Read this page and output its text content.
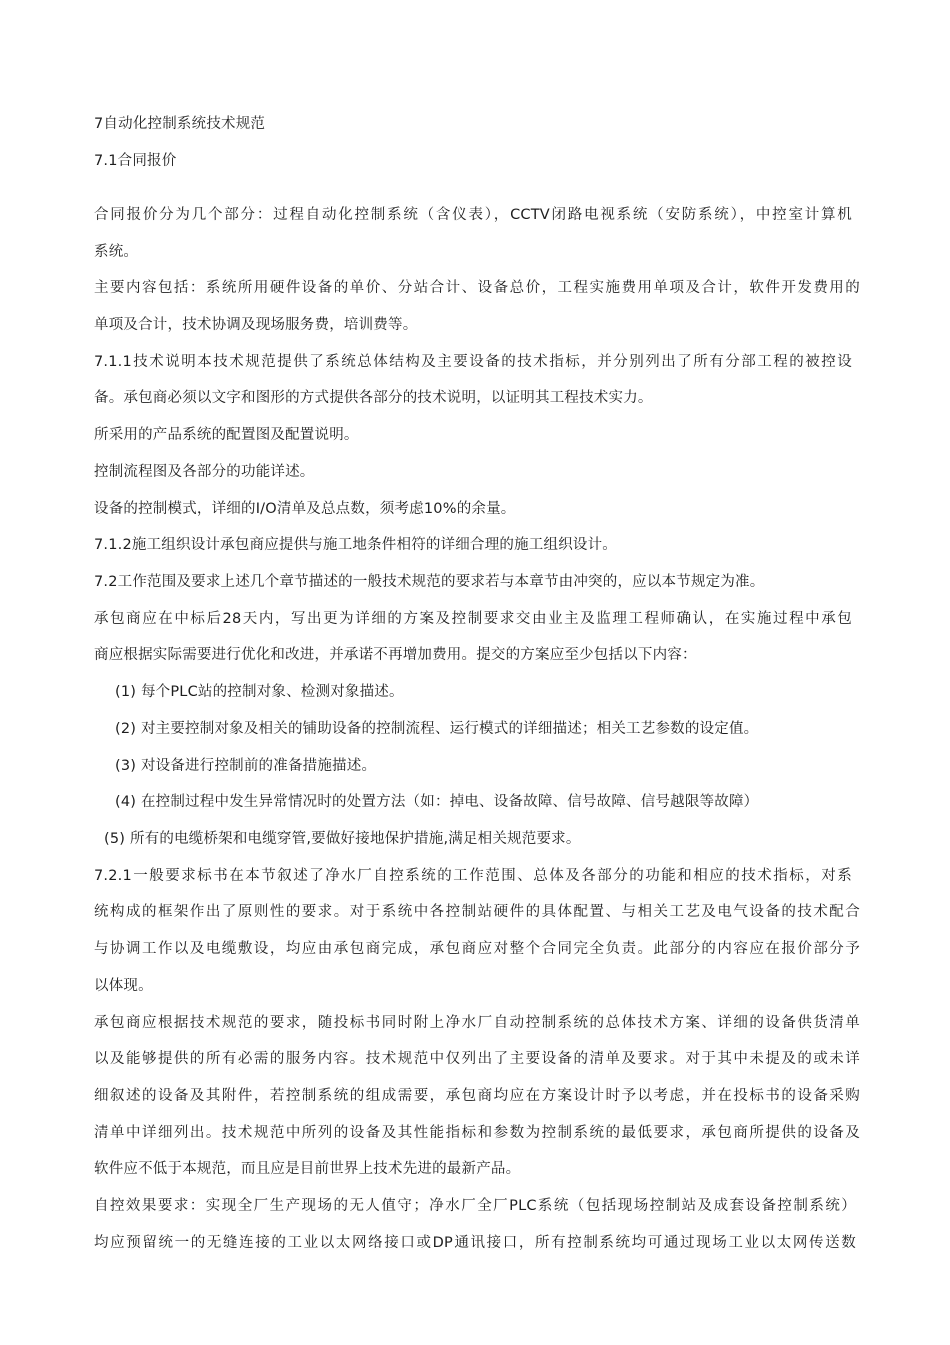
7自动化控制系统技术规范
7.1合同报价
合同报价分为几个部分：过程自动化控制系统（含仪表），CCTV闭路电视系统（安防系统），中控室计算机
系统。
主要内容包括：系统所用硬件设备的单价、分站合计、设备总价，工程实施费用单项及合计，软件开发费用的
单项及合计，技术协调及现场服务费，培训费等。
7.1.1技术说明本技术规范提供了系统总体结构及主要设备的技术指标，并分别列出了所有分部工程的被控设
备。承包商必须以文字和图形的方式提供各部分的技术说明，以证明其工程技术实力。
所采用的产品系统的配置图及配置说明。
控制流程图及各部分的功能详述。
设备的控制模式，详细的I/O清单及总点数，须考虑10%的余量。
7.1.2施工组织设计承包商应提供与施工地条件相符的详细合理的施工组织设计。
7.2工作范围及要求上述几个章节描述的一般技术规范的要求若与本章节由冲突的，应以本节规定为准。
承包商应在中标后28天内，写出更为详细的方案及控制要求交由业主及监理工程师确认，在实施过程中承包
商应根据实际需要进行优化和改进，并承诺不再增加费用。提交的方案应至少包括以下内容：
(1) 每个PLC站的控制对象、检测对象描述。
(2) 对主要控制对象及相关的铺助设备的控制流程、运行模式的详细描述；相关工艺参数的设定值。
(3) 对设备进行控制前的准备措施描述。
(4) 在控制过程中发生异常情况时的处置方法（如：掉电、设备故障、信号故障、信号越限等故障）
(5) 所有的电缆桥架和电缆穿管,要做好接地保护措施,满足相关规范要求。
7.2.1一般要求标书在本节叙述了净水厂自控系统的工作范围、总体及各部分的功能和相应的技术指标，对系
统构成的框架作出了原则性的要求。对于系统中各控制站硬件的具体配置、与相关工艺及电气设备的技术配合
与协调工作以及电缆敷设，均应由承包商完成，承包商应对整个合同完全负责。此部分的内容应在报价部分予
以体现。
承包商应根据技术规范的要求，随投标书同时附上净水厂自动控制系统的总体技术方案、详细的设备供货清单
以及能够提供的所有必需的服务内容。技术规范中仅列出了主要设备的清单及要求。对于其中未提及的或未详
细叙述的设备及其附件，若控制系统的组成需要，承包商均应在方案设计时予以考虑，并在投标书的设备采购
清单中详细列出。技术规范中所列的设备及其性能指标和参数为控制系统的最低要求，承包商所提供的设备及
软件应不低于本规范，而且应是目前世界上技术先进的最新产品。
自控效果要求：实现全厂生产现场的无人值守；净水厂全厂PLC系统（包括现场控制站及成套设备控制系统）
均应预留统一的无缝连接的工业以太网络接口或DP通讯接口，所有控制系统均可通过现场工业以太网传送数
